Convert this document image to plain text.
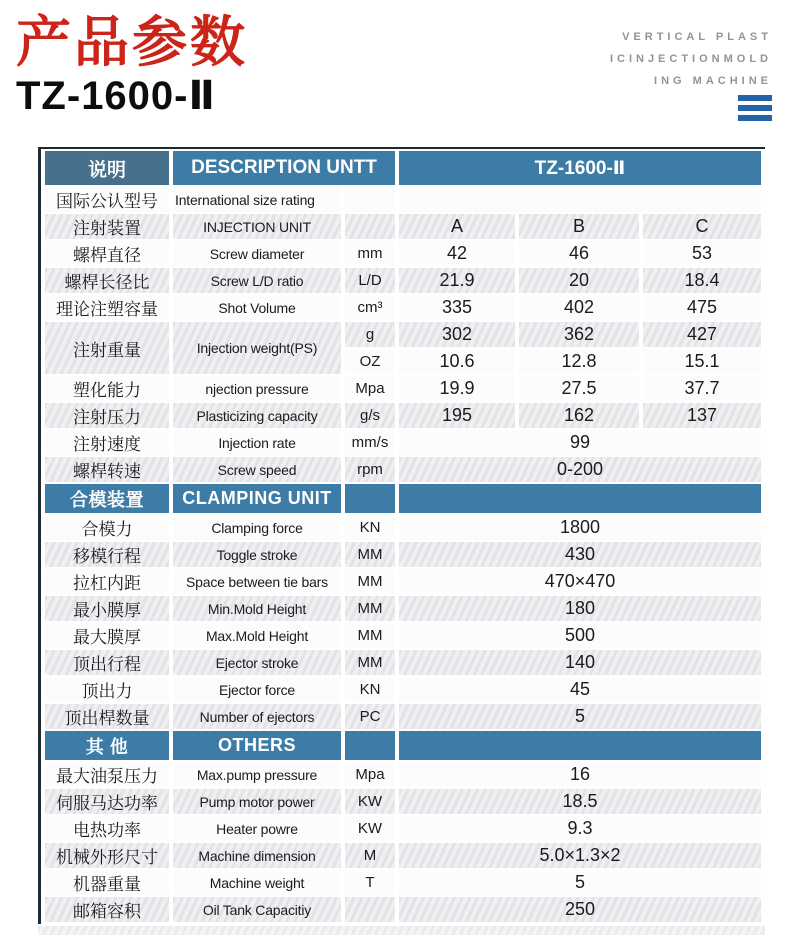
产品参数
TZ-1600-Ⅱ
VERTICAL PLAST
ICINJECTIONMOLD
ING MACHINE
说明	DESCRIPTION UNTT		TZ-1600-Ⅱ		
国际公认型号	International size rating				
注射装置	INJECTION UNIT		A	B	C
螺桿直径	Screw diameter	mm	42	46	53
螺桿长径比	Screw L/D ratio	L/D	21.9	20	18.4
理论注塑容量	Shot Volume	cm³	335	402	475
注射重量	Injection weight(PS)	g	302	362	427
		OZ	10.6	12.8	15.1
塑化能力	njection pressure	Mpa	19.9	27.5	37.7
注射压力	Plasticizing capacity	g/s	195	162	137
注射速度	Injection rate	mm/s	99		
螺桿转速	Screw speed	rpm	0-200		
合模装置	CLAMPING UNIT				
合模力	Clamping force	KN	1800		
移模行程	Toggle stroke	MM	430		
拉杠内距	Space between tie bars	MM	470×470		
最小膜厚	Min.Mold Height	MM	180		
最大膜厚	Max.Mold Height	MM	500		
顶出行程	Ejector stroke	MM	140		
顶出力	Ejector force	KN	45		
顶出桿数量	Number of ejectors	PC	5		
其 他	OTHERS				
最大油泵压力	Max.pump pressure	Mpa	16		
伺服马达功率	Pump motor power	KW	18.5		
电热功率	Heater powre	KW	9.3		
机械外形尺寸	Machine dimension	M	5.0×1.3×2		
机器重量	Machine weight	T	5		
邮箱容积	Oil Tank Capacitiy		250		
